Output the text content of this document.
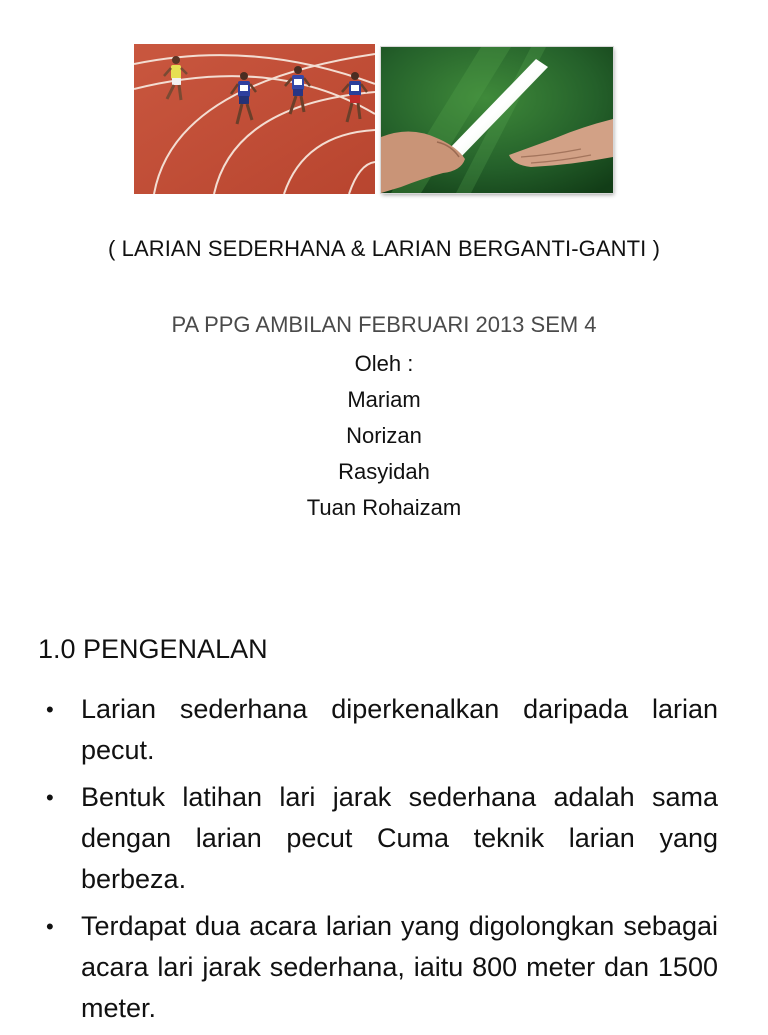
( LARIAN SEDERHANA & LARIAN BERGANTI-GANTI )
PA PPG AMBILAN FEBRUARI 2013 SEM 4
Oleh :
Mariam
Norizan
Rasyidah
Tuan Rohaizam
1.0 PENGENALAN
• Larian sederhana diperkenalkan daripada larian pecut.
• Bentuk latihan lari jarak sederhana adalah sama dengan larian pecut Cuma teknik larian yang berbeza.
• Terdapat dua acara larian yang digolongkan sebagai acara lari jarak sederhana, iaitu 800 meter dan 1500 meter.
